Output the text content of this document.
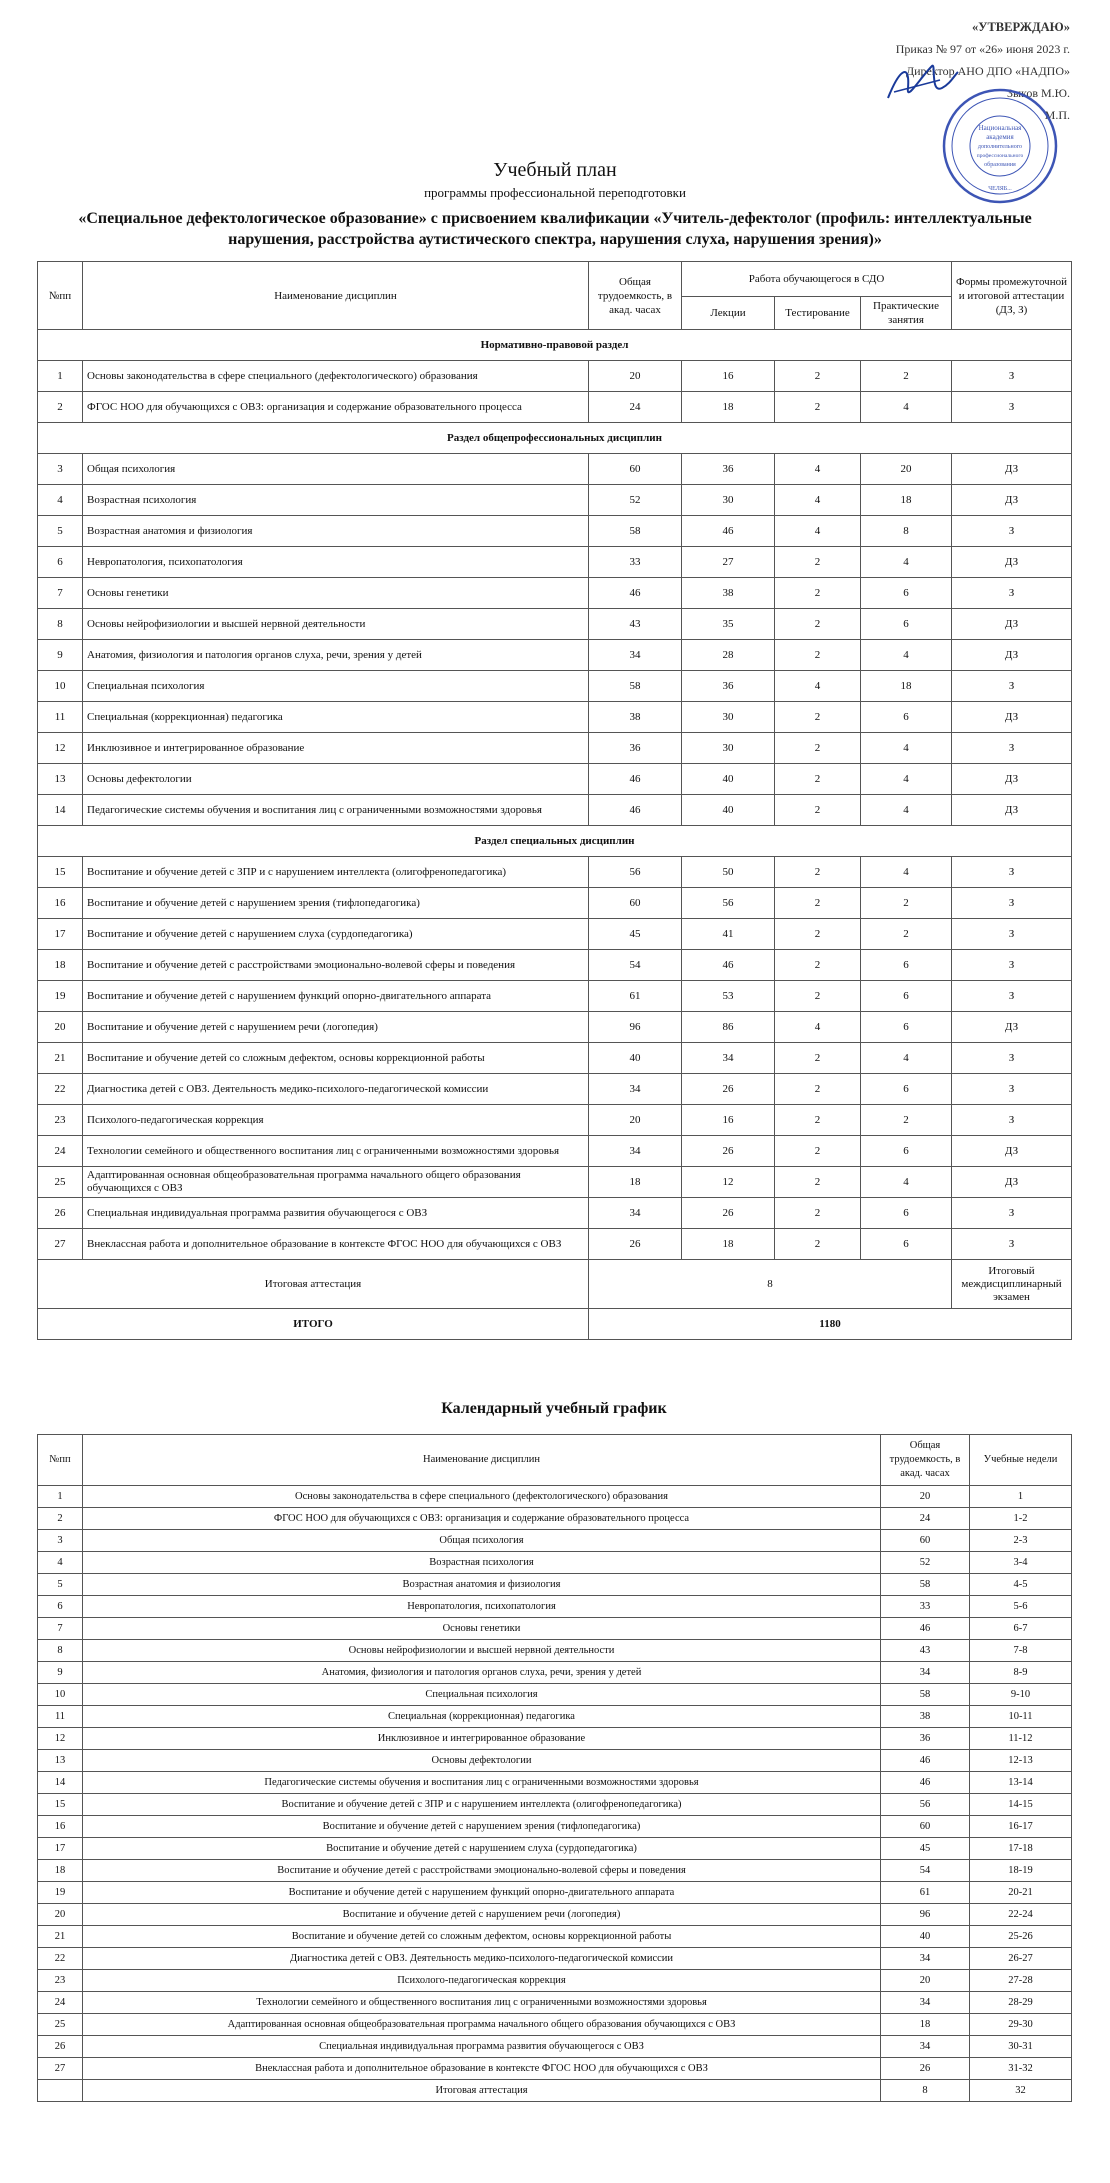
«УТВЕРЖДАЮ»
Приказ № 97 от «26» июня 2023 г.
Директор АНО ДПО «НАДПО»
Зыков М.Ю.
М.П.
Национальная
академия
дополнительного
профессионального
образования
ЧЕЛЯБ...
Учебный план
программы профессиональной переподготовки
«Специальное дефектологическое образование» с присвоением квалификации «Учитель-дефектолог (профиль: интеллектуальные нарушения, расстройства аутистического спектра, нарушения слуха, нарушения зрения)»
№пп	Наименование дисциплин	Общая трудоемкость, в акад. часах	Работа обучающегося в СДО			Формы промежуточной и итоговой аттестации (ДЗ, З)
			Лекции	Тестирование	Практические занятия	
Нормативно-правовой раздел						
1	Основы законодательства в сфере специального (дефектологического) образования	20	16	2	2	З
2	ФГОС НОО для обучающихся с ОВЗ: организация и содержание образовательного процесса	24	18	2	4	З
Раздел общепрофессиональных дисциплин						
3	Общая психология	60	36	4	20	ДЗ
4	Возрастная психология	52	30	4	18	ДЗ
5	Возрастная анатомия и физиология	58	46	4	8	З
6	Невропатология, психопатология	33	27	2	4	ДЗ
7	Основы генетики	46	38	2	6	З
8	Основы нейрофизиологии и высшей нервной деятельности	43	35	2	6	ДЗ
9	Анатомия, физиология и патология органов слуха, речи, зрения у детей	34	28	2	4	ДЗ
10	Специальная психология	58	36	4	18	З
11	Специальная (коррекционная) педагогика	38	30	2	6	ДЗ
12	Инклюзивное и интегрированное образование	36	30	2	4	З
13	Основы дефектологии	46	40	2	4	ДЗ
14	Педагогические системы обучения и воспитания лиц с ограниченными возможностями здоровья	46	40	2	4	ДЗ
Раздел специальных дисциплин						
15	Воспитание и обучение детей с ЗПР и с нарушением интеллекта (олигофренопедагогика)	56	50	2	4	З
16	Воспитание и обучение детей с нарушением зрения (тифлопедагогика)	60	56	2	2	З
17	Воспитание и обучение детей с нарушением слуха (сурдопедагогика)	45	41	2	2	З
18	Воспитание и обучение детей с расстройствами эмоционально-волевой сферы и поведения	54	46	2	6	З
19	Воспитание и обучение детей с нарушением функций опорно-двигательного аппарата	61	53	2	6	З
20	Воспитание и обучение детей с нарушением речи (логопедия)	96	86	4	6	ДЗ
21	Воспитание и обучение детей со сложным дефектом, основы коррекционной работы	40	34	2	4	З
22	Диагностика детей с ОВЗ. Деятельность медико-психолого-педагогической комиссии	34	26	2	6	З
23	Психолого-педагогическая коррекция	20	16	2	2	З
24	Технологии семейного и общественного воспитания лиц с ограниченными возможностями здоровья	34	26	2	6	ДЗ
25	Адаптированная основная общеобразовательная программа начального общего образования обучающихся с ОВЗ	18	12	2	4	ДЗ
26	Специальная индивидуальная программа развития обучающегося с ОВЗ	34	26	2	6	З
27	Внеклассная работа и дополнительное образование в контексте ФГОС НОО для обучающихся с ОВЗ	26	18	2	6	З
Итоговая аттестация		8				Итоговый междисциплинарный экзамен
ИТОГО		1180				
Календарный учебный график
№пп	Наименование дисциплин	Общая трудоемкость, в акад. часах	Учебные недели
1	Основы законодательства в сфере специального (дефектологического) образования	20	1
2	ФГОС НОО для обучающихся с ОВЗ: организация и содержание образовательного процесса	24	1-2
3	Общая психология	60	2-3
4	Возрастная психология	52	3-4
5	Возрастная анатомия и физиология	58	4-5
6	Невропатология, психопатология	33	5-6
7	Основы генетики	46	6-7
8	Основы нейрофизиологии и высшей нервной деятельности	43	7-8
9	Анатомия, физиология и патология органов слуха, речи, зрения у детей	34	8-9
10	Специальная психология	58	9-10
11	Специальная (коррекционная) педагогика	38	10-11
12	Инклюзивное и интегрированное образование	36	11-12
13	Основы дефектологии	46	12-13
14	Педагогические системы обучения и воспитания лиц с ограниченными возможностями здоровья	46	13-14
15	Воспитание и обучение детей с ЗПР и с нарушением интеллекта (олигофренопедагогика)	56	14-15
16	Воспитание и обучение детей с нарушением зрения (тифлопедагогика)	60	16-17
17	Воспитание и обучение детей с нарушением слуха (сурдопедагогика)	45	17-18
18	Воспитание и обучение детей с расстройствами эмоционально-волевой сферы и поведения	54	18-19
19	Воспитание и обучение детей с нарушением функций опорно-двигательного аппарата	61	20-21
20	Воспитание и обучение детей с нарушением речи (логопедия)	96	22-24
21	Воспитание и обучение детей со сложным дефектом, основы коррекционной работы	40	25-26
22	Диагностика детей с ОВЗ. Деятельность медико-психолого-педагогической комиссии	34	26-27
23	Психолого-педагогическая коррекция	20	27-28
24	Технологии семейного и общественного воспитания лиц с ограниченными возможностями здоровья	34	28-29
25	Адаптированная основная общеобразовательная программа начального общего образования обучающихся с ОВЗ	18	29-30
26	Специальная индивидуальная программа развития обучающегося с ОВЗ	34	30-31
27	Внеклассная работа и дополнительное образование в контексте ФГОС НОО для обучающихся с ОВЗ	26	31-32
	Итоговая аттестация	8	32
